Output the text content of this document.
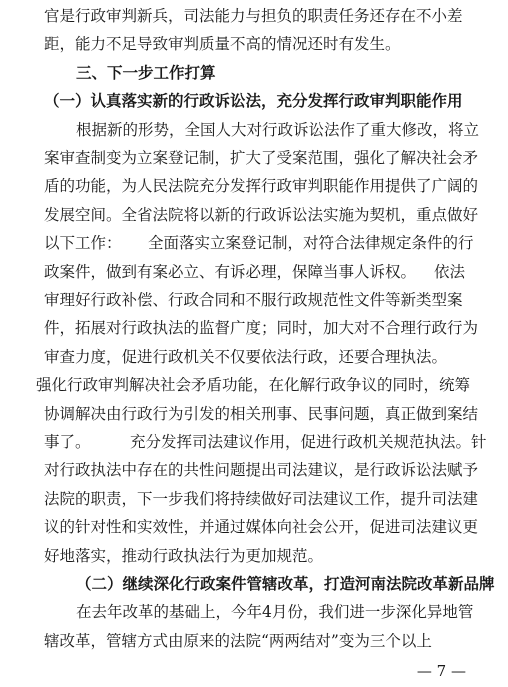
官是行政审判新兵，司法能力与担负的职责任务还存在不小差
距，能力不足导致审判质量不高的情况还时有发生。
三、下一步工作打算
（一）认真落实新的行政诉讼法，充分发挥行政审判职能作用
根据新的形势，全国人大对行政诉讼法作了重大修改，将立
案审查制变为立案登记制，扩大了受案范围，强化了解决社会矛
盾的功能，为人民法院充分发挥行政审判职能作用提供了广阔的
发展空间。全省法院将以新的行政诉讼法实施为契机，重点做好
以下工作： 全面落实立案登记制，对符合法律规定条件的行
政案件，做到有案必立、有诉必理，保障当事人诉权。 依法
审理好行政补偿、行政合同和不服行政规范性文件等新类型案
件，拓展对行政执法的监督广度；同时，加大对不合理行政行为
审查力度，促进行政机关不仅要依法行政，还要合理执法。
强化行政审判解决社会矛盾功能，在化解行政争议的同时，统筹
协调解决由行政行为引发的相关刑事、民事问题，真正做到案结
事了。	充分发挥司法建议作用，促进行政机关规范执法。针
对行政执法中存在的共性问题提出司法建议，是行政诉讼法赋予
法院的职责，下一步我们将持续做好司法建议工作，提升司法建
议的针对性和实效性，并通过媒体向社会公开，促进司法建议更
好地落实，推动行政执法行为更加规范。
（二）继续深化行政案件管辖改革，打造河南法院改革新品牌
在去年改革的基础上，今年4月份，我们进一步深化异地管
辖改革，管辖方式由原来的法院“两两结对”变为三个以上
— 7 —
